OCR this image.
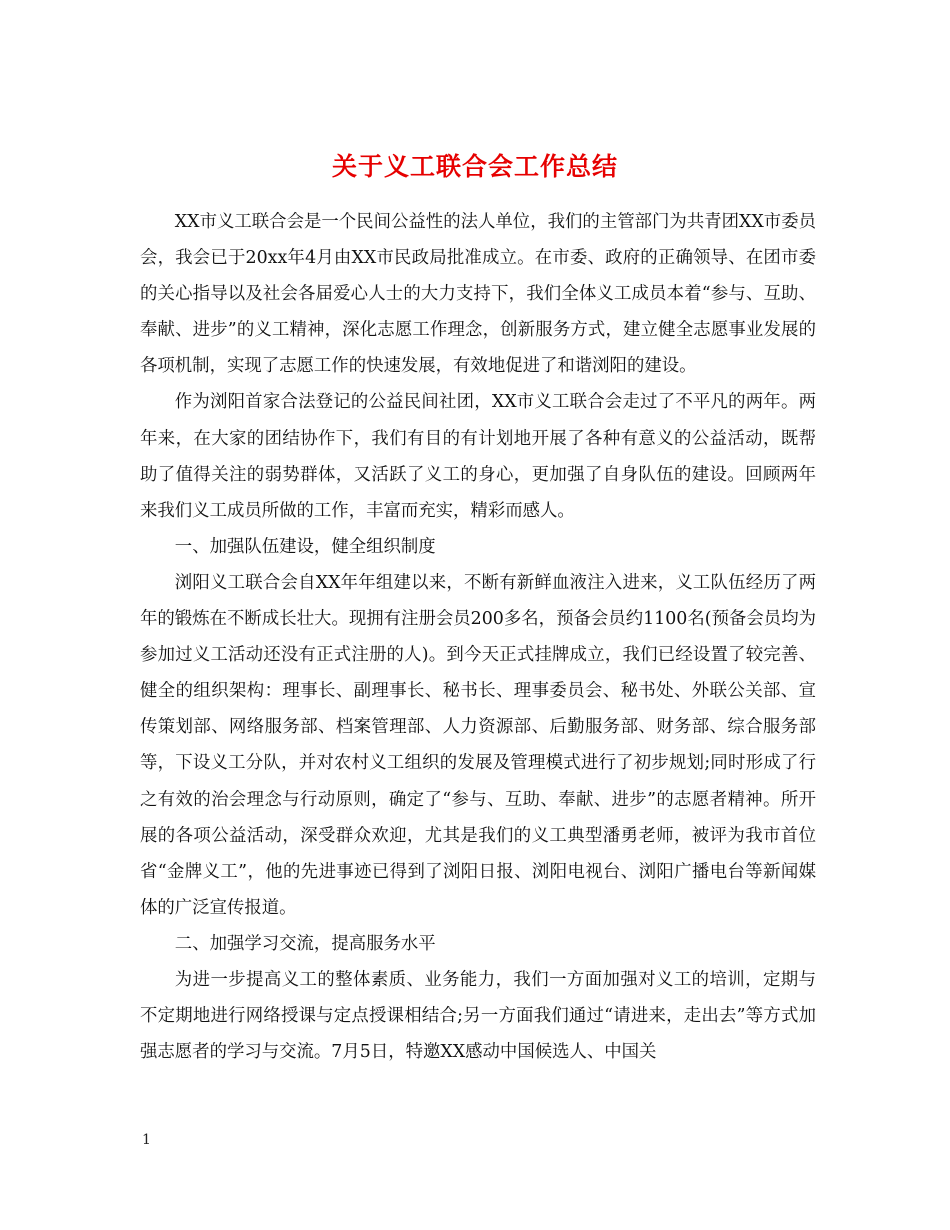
关于义工联合会工作总结

XX市义工联合会是一个民间公益性的法人单位，我们的主管部门为共青团XX市委员会，我会已于20xx年4月由XX市民政局批准成立。在市委、政府的正确领导、在团市委的关心指导以及社会各届爱心人士的大力支持下，我们全体义工成员本着“参与、互助、奉献、进步”的义工精神，深化志愿工作理念，创新服务方式，建立健全志愿事业发展的各项机制，实现了志愿工作的快速发展，有效地促进了和谐浏阳的建设。

作为浏阳首家合法登记的公益民间社团，XX市义工联合会走过了不平凡的两年。两年来，在大家的团结协作下，我们有目的有计划地开展了各种有意义的公益活动，既帮助了值得关注的弱势群体，又活跃了义工的身心，更加强了自身队伍的建设。回顾两年来我们义工成员所做的工作，丰富而充实，精彩而感人。

一、加强队伍建设，健全组织制度

浏阳义工联合会自XX年年组建以来，不断有新鲜血液注入进来，义工队伍经历了两年的锻炼在不断成长壮大。现拥有注册会员200多名，预备会员约1100名(预备会员均为参加过义工活动还没有正式注册的人)。到今天正式挂牌成立，我们已经设置了较完善、健全的组织架构：理事长、副理事长、秘书长、理事委员会、秘书处、外联公关部、宣传策划部、网络服务部、档案管理部、人力资源部、后勤服务部、财务部、综合服务部等，下设义工分队，并对农村义工组织的发展及管理模式进行了初步规划;同时形成了行之有效的治会理念与行动原则，确定了“参与、互助、奉献、进步”的志愿者精神。所开展的各项公益活动，深受群众欢迎，尤其是我们的义工典型潘勇老师，被评为我市首位省“金牌义工”，他的先进事迹已得到了浏阳日报、浏阳电视台、浏阳广播电台等新闻媒体的广泛宣传报道。

二、加强学习交流，提高服务水平

为进一步提高义工的整体素质、业务能力，我们一方面加强对义工的培训，定期与不定期地进行网络授课与定点授课相结合;另一方面我们通过“请进来，走出去”等方式加强志愿者的学习与交流。7月5日，特邀XX感动中国候选人、中国关

1
